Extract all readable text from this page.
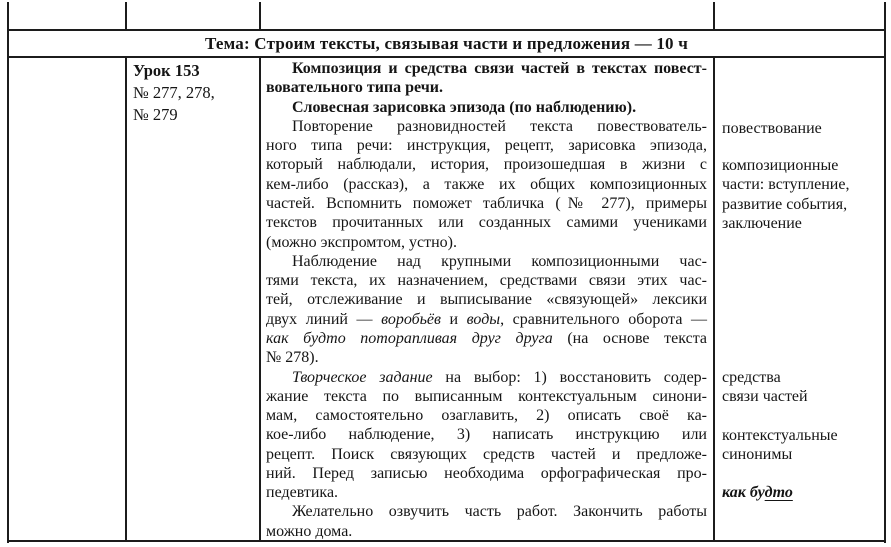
Тема: Строим тексты, связывая части и предложения — 10 ч
Урок 153
№ 277, 278,
№ 279
Композиция и средства связи частей в текстах повест-
вовательного типа речи.
Словесная зарисовка эпизода (по наблюдению).
Повторение разновидностей текста повествователь-
ного типа речи: инструкция, рецепт, зарисовка эпизода,
который наблюдали, история, произошедшая в жизни с
кем-либо (рассказ), а также их общих композиционных
частей. Вспомнить поможет табличка (№ 277), примеры
текстов прочитанных или созданных самими учениками
(можно экспромтом, устно).
Наблюдение над крупными композиционными час-
тями текста, их назначением, средствами связи этих час-
тей, отслеживание и выписывание «связующей» лексики
двух линий — воробьёв и воды, сравнительного оборота —
как будто поторапливая друг друга (на основе текста
№ 278).
Творческое задание на выбор: 1) восстановить содер-
жание текста по выписанным контекстуальным синони-
мам, самостоятельно озаглавить, 2) описать своё ка-
кое-либо наблюдение, 3) написать инструкцию или
рецепт. Поиск связующих средств частей и предложе-
ний. Перед записью необходима орфографическая про-
педевтика.
Желательно озвучить часть работ. Закончить работы
можно дома.
повествование
композиционные
части: вступление,
развитие события,
заключение
средства
связи частей
контекстуальные
синонимы
как будто
